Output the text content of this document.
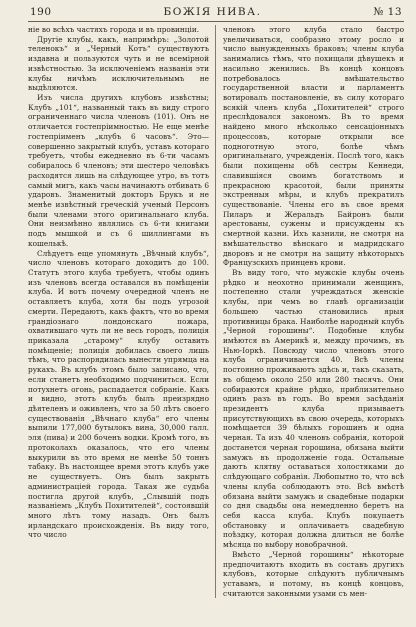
190	БОЖІЯ НИВА.	№ 13

ніе во всѣхъ частяхъ города и въ провинціи.

Другіе клубы, какъ, напримѣръ: „Золотой теленокъ“ и „Черный Котъ“ существуютъ издавна и пользуются чуть и не всемірной извѣстностью. За исключеніемъ названія эти клубы ничѣмъ исключительнымъ не выдѣляются.

Изъ числа другихъ клубовъ извѣстны; Клубъ „101“, названный такъ въ виду строго ограниченнаго числа членовъ (101). Онъ не отличается гостепріимностью. Не еще менѣе гостепріименъ „клубъ 6 часовъ“. Это—совершенно закрытый клубъ, уставъ котораго требуетъ, чтобы ежедневно въ 6-ти часамъ собиралось 6 членовъ; эти шестеро человѣкъ расходятся лишь на слѣдующее утро, въ тотъ самый мигъ, какъ часы начинаютъ отбивать 6 ударовъ. Знаменитый докторъ Брукъ и не менѣе извѣстный греческій ученый Персонъ были членами этого оригинальнаго клуба. Они неизмѣнно являлись съ 6-ти книгами подъ мышкой и съ 6 шиллингами въ кошелькѣ.

Слѣдуетъ еще упомянуть „Вѣчный клубъ“, число членовъ котораго доходитъ до 100. Статутъ этого клуба требуетъ, чтобы одинъ изъ членовъ всегда оставался въ помѣщеніи клуба. И вотъ почему очередной членъ не оставляетъ клуба, хотя бы подъ угрозой смерти. Передаютъ, какъ фактъ, что во время грандіознаго лондонскаго пожара, охватившаго чуть ли не весь городъ, полиція приказала „старому“ клубу оставить помѣщеніе; полиція добилась своего лишь тѣмъ, что распорядилась вынести упрямца на рукахъ. Въ клубъ этомъ было записано, что, если станетъ необходимо подчиниться. Если потухнетъ огонь, распадается собраніе. Какъ и видно, этотъ клубъ былъ преизрядно дѣятеленъ и оживленъ, что за 50 лѣтъ своего существованія „Вѣчнаго клуба“ его члены выпили 177,000 бутылокъ вина, 30,000 галл. эля (пива) и 200 боченъ водки. Кромѣ того, въ протоколахъ оказалось, что его члены выкурили въ это время не менѣе 50 тоннъ табаку. Въ настоящее время этотъ клубъ уже не существуетъ. Онъ былъ закрытъ администраціей города. Такая же судьба постигла другой клубъ, „Слывшій подъ названіемъ „Клубъ Похитителей“, состоявшій много лѣтъ тому назадъ. Онъ былъ ирландскаго происхожденія. Въ виду того, что число

членовъ этого клуба стало быстро увеличиваться, сообразно этому росло и число вынужденныхъ браковъ; члены клуба занимались тѣмъ, что похищали дѣвушекъ и насильно женились. Въ концѣ концовъ потребовалось вмѣшательство государственной власти и парламентъ вотировалъ постановленіе, въ силу котораго всякій членъ клуба „Похитителей“ строго преслѣдовался закономъ. Въ то время найдено много нѣсколько сенсаціонныхъ процессовъ, которые открыли все подноготную этого, болѣе чѣмъ оригинальнаго, учрежденія. Послѣ того, какъ были похищены обѣ сестры Кеннеди, славившіяся своимъ богатствомъ и прекрасною красотой, были приняты экстренныя мѣры, и клубъ прекратилъ существованіе. Члены его въ свое время Пиларъ и Жеральдъ Байронъ были арестованы, сужены и присуждены къ смертной казни. Ихъ казнили, не смотря на вмѣшательство вѣнскаго и мадридскаго дворовъ и не смотря на защиту нѣкоторыхъ Французскихъ принцевъ крови.

Въ виду того, что мужскіе клубы очень рѣдко и неохотно принимали женщинъ, постепенно стали учреждаться женскіе клубы, при чемъ во главѣ организаціи большею частью становились ярыя противницы брака. Наиболѣе народный клубъ „Черной горошины“. Подобные клубы имѣются въ Америкѣ и, между прочимъ, въ Нью-Іоркѣ. Повсюду число членовъ этого клуба ограничивается 40. Всѣ члены постоянно проживаютъ здѣсь и, такъ сказать, въ общемъ около 250 или 280 тысячъ. Они собираются крайне рѣдко, приблизительно одинъ разъ въ годъ. Во время засѣданія президентъ клуба призываетъ присутствующихъ въ свою очередь, которыхъ помѣщается 39 бѣлыхъ горошинъ и одна черная. Та изъ 40 членовъ собранія, которой достанется черная горошина, обязана выйти замужъ въ продолженіе года. Остальные даютъ клятву оставаться холостяками до слѣдующаго собранія. Любопытно то, что всѣ члены клуба соблюдаютъ это. Всѣ вмѣстѣ обязана выйти замужъ и свадебные подарки со дня свадьбы она немедленно беретъ на себя касса клуба. Клубъ покупаетъ обстановку и оплачиваетъ свадебную поѣздку, которая должна длиться не болѣе мѣсяца по выбору новобрачной.

Вмѣсто „Черной горошины“ нѣкоторые предпочитаютъ входить въ составъ другихъ клубовъ, которые слѣдуютъ публичнымъ уставамъ, и потому, въ концѣ концовъ, считаются законными узами съ мен-
